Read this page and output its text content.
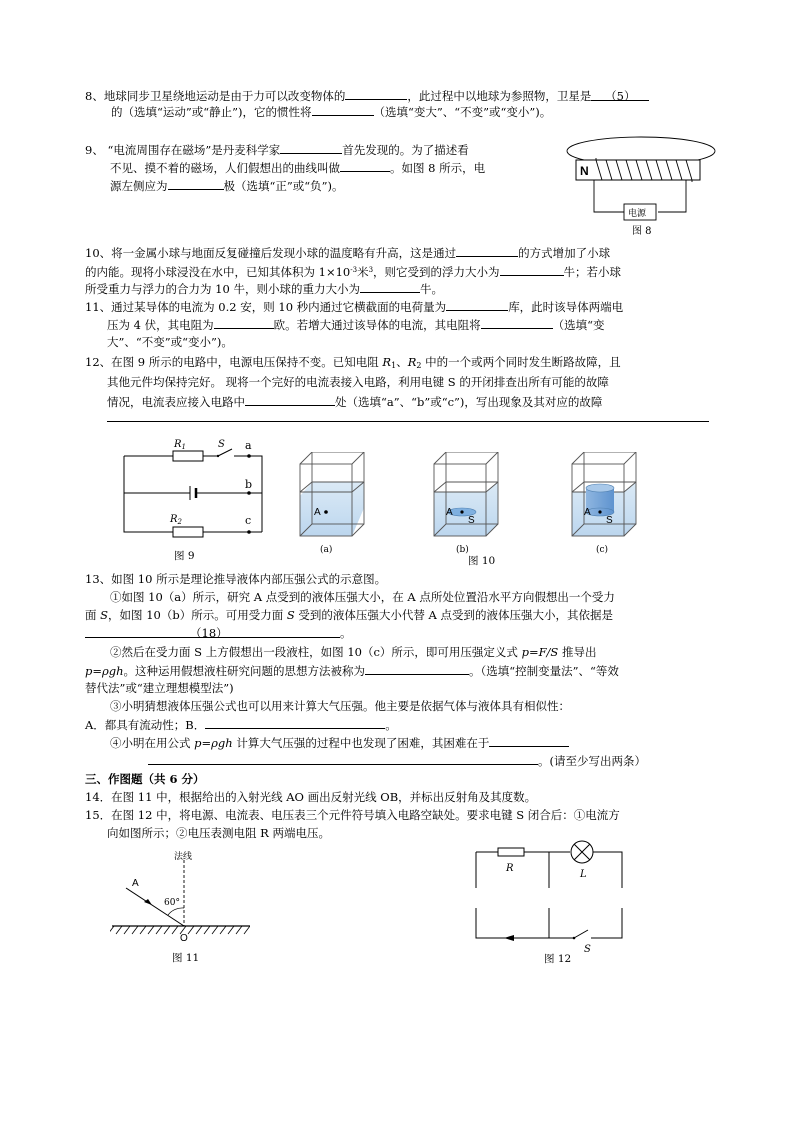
8、地球同步卫星绕地运动是由于力可以改变物体的	，此过程中以地球为参照物，卫星是 （5）
的（选填“运动”或“静止”)，它的惯性将	（选填“变大”、“不变”或“变小”)。
9、 “电流周围存在磁场”是丹麦科学家	首先发现的。为了描述看
不见、摸不着的磁场，人们假想出的曲线叫做	。如图 8 所示，电
源左侧应为	极（选填“正”或“负”)。
N
电源
图 8
10、将一金属小球与地面反复碰撞后发现小球的温度略有升高，这是通过	的方式增加了小球
的内能。现将小球浸没在水中，已知其体积为 $1\times 10^{-3}$米$^3$，则它受到的浮力大小为	牛；若小球
所受重力与浮力的合力为 10 牛，则小球的重力大小为	牛。
11、通过某导体的电流为 0.2 安，则 10 秒内通过它横截面的电荷量为	库，此时该导体两端电
压为 4 伏，其电阻为	欧。若增大通过该导体的电流，其电阻将	（选填“变
大”、“不变”或“变小”)。
12、在图 9 所示的电路中，电源电压保持不变。已知电阻 $R_1$、$R_2$ 中的一个或两个同时发生断路故障，且
其他元件均保持完好。 现将一个完好的电流表接入电路，利用电键 S 的开闭排查出所有可能的故障
情况，电流表应接入电路中	处（选填“a”、“b”或“c”)，写出现象及其对应的故障
$R_1$	S a
b
c
$R_2$
图 9
A
(a)
A
S
(b)
A
S
(c)
图 10
13、如图 10 所示是理论推导液体内部压强公式的示意图。
①如图 10（a）所示，研究 A 点受到的液体压强大小，在 A 点所处位置沿水平方向假想出一个受力
面 S，如图 10（b）所示。可用受力面 S 受到的液体压强大小代替 A 点受到的液体压强大小，其依据是
（18）	。
②然后在受力面 S 上方假想出一段液柱，如图 10（c）所示，即可用压强定义式 p=F/S 推导出
p=ρgh。这种运用假想液柱研究问题的思想方法被称为	。（选填“控制变量法”、“等效
替代法”或“建立理想模型法”)
③小明猜想液体压强公式也可以用来计算大气压强。他主要是依据气体与液体具有相似性：
A．都具有流动性；B．	。
④小明在用公式 p=ρgh 计算大气压强的过程中也发现了困难，其困难在于
。(请至少写出两条）
三、作图题（共 6 分）
14．在图 11 中，根据给出的入射光线 AO 画出反射光线 OB，并标出反射角及其度数。
15．在图 12 中，将电源、电流表、电压表三个元件符号填入电路空缺处。要求电键 S 闭合后：①电流方
向如图所示；②电压表测电阻 R 两端电压。
法线
A
60°
O
图 11
R
L
S
图 12
